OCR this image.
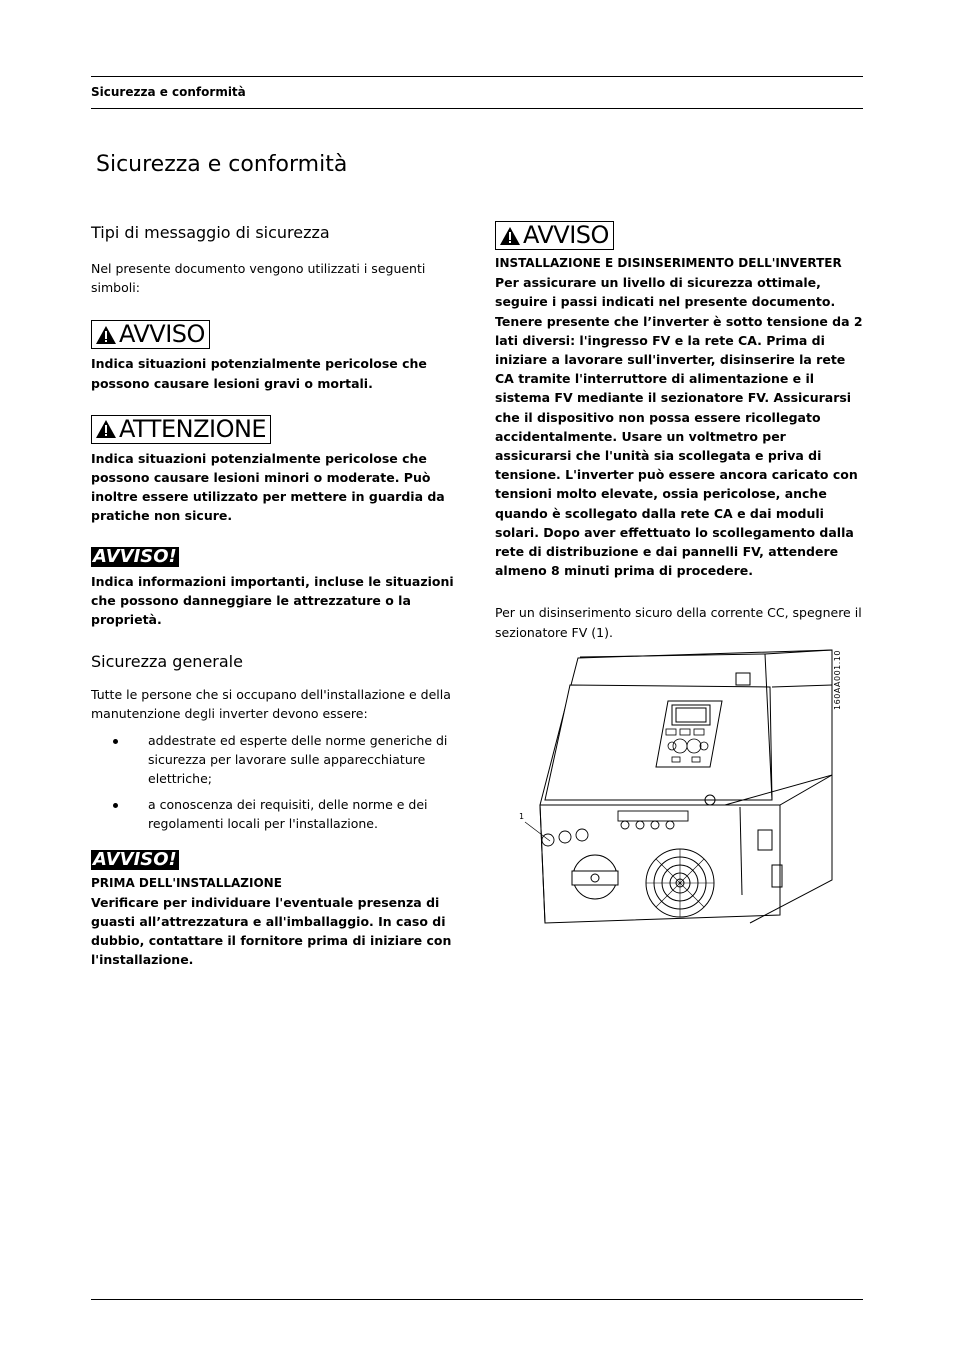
Sicurezza e conformità
Sicurezza e conformità
Tipi di messaggio di sicurezza

Nel presente documento vengono utilizzati i seguenti simboli:

AVVISO

Indica situazioni potenzialmente pericolose che possono causare lesioni gravi o mortali.

ATTENZIONE

Indica situazioni potenzialmente pericolose che possono causare lesioni minori o moderate. Può inoltre essere utilizzato per mettere in guardia da pratiche non sicure.

AVVISO!

Indica informazioni importanti, incluse le situazioni che possono danneggiare le attrezzature o la proprietà.

Sicurezza generale

Tutte le persone che si occupano dell'installazione e della manutenzione degli inverter devono essere:

addestrate ed esperte delle norme generiche di sicurezza per lavorare sulle apparecchiature elettriche;
a conoscenza dei requisiti, delle norme e dei regolamenti locali per l'installazione.
AVVISO!

PRIMA DELL'INSTALLAZIONE

Verificare per individuare l'eventuale presenza di guasti all’attrezzatura e all'imballaggio. In caso di dubbio, contattare il fornitore prima di iniziare con l'installazione.

AVVISO

INSTALLAZIONE E DISINSERIMENTO DELL'INVERTER

Per assicurare un livello di sicurezza ottimale, seguire i passi indicati nel presente documento. Tenere presente che l’inverter è sotto tensione da 2 lati diversi: l'ingresso FV e la rete CA. Prima di iniziare a lavorare sull'inverter, disinserire la rete CA tramite l'interruttore di alimentazione e il sistema FV mediante il sezionatore FV. Assicurarsi che il dispositivo non possa essere ricollegato accidentalmente. Usare un voltmetro per assicurarsi che l'unità sia scollegata e priva di tensione. L'inverter può essere ancora caricato con tensioni molto elevate, ossia pericolose, anche quando è scollegato dalla rete CA e dai moduli solari. Dopo aver effettuato lo scollegamento dalla rete di distribuzione e dai pannelli FV, attendere almeno 8 minuti prima di procedere.

Per un disinserimento sicuro della corrente CC, spegnere il sezionatore FV (1).

160AA001.10
1
